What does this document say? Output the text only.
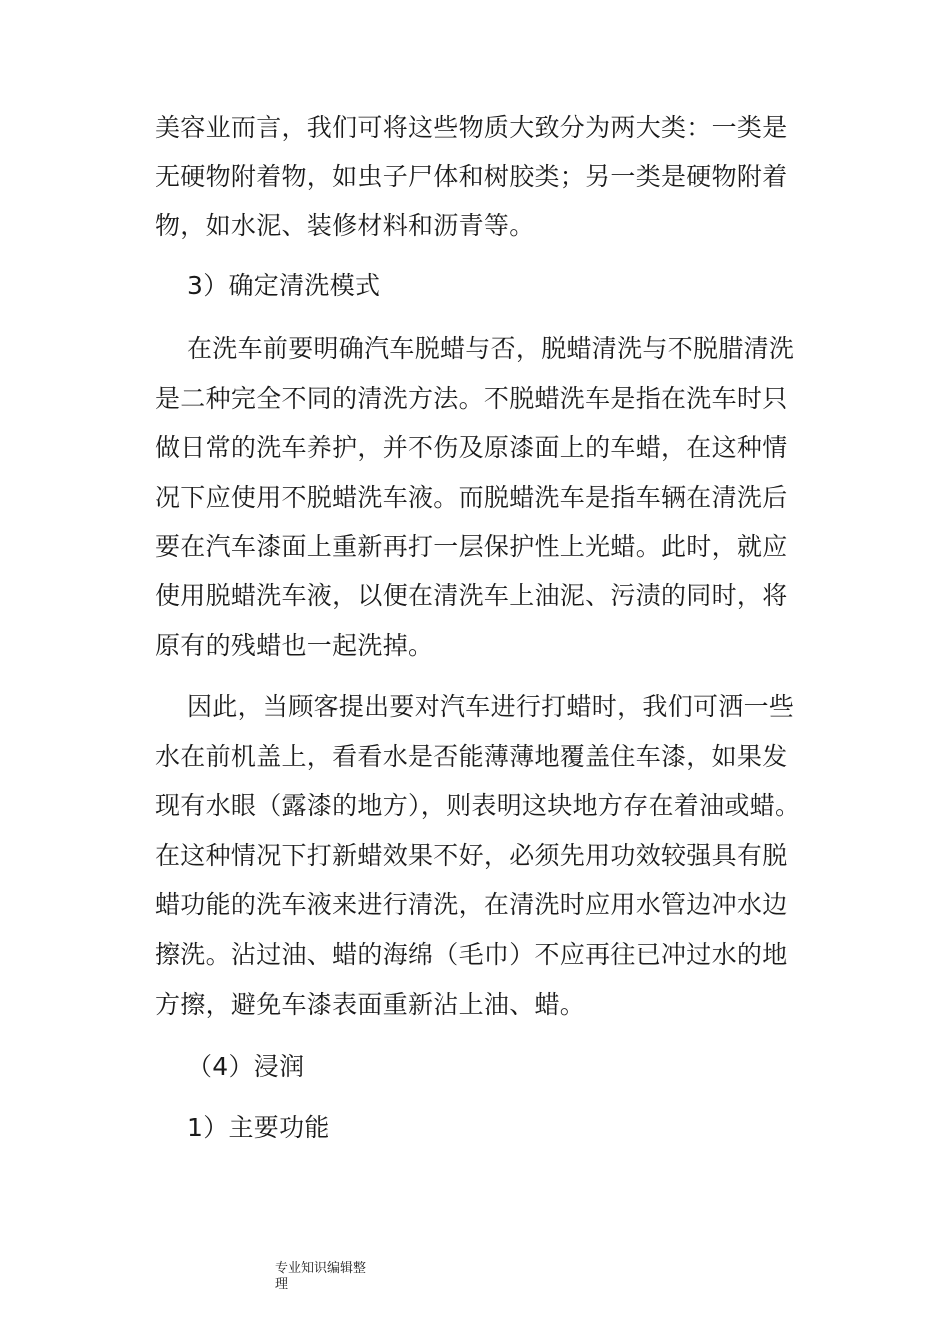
美容业而言，我们可将这些物质大致分为两大类：一类是
无硬物附着物，如虫子尸体和树胶类；另一类是硬物附着
物，如水泥、装修材料和沥青等。
3）确定清洗模式
在洗车前要明确汽车脱蜡与否，脱蜡清洗与不脱腊清洗
是二种完全不同的清洗方法。不脱蜡洗车是指在洗车时只
做日常的洗车养护，并不伤及原漆面上的车蜡，在这种情
况下应使用不脱蜡洗车液。而脱蜡洗车是指车辆在清洗后
要在汽车漆面上重新再打一层保护性上光蜡。此时，就应
使用脱蜡洗车液，以便在清洗车上油泥、污渍的同时，将
原有的残蜡也一起洗掉。
因此，当顾客提出要对汽车进行打蜡时，我们可洒一些
水在前机盖上，看看水是否能薄薄地覆盖住车漆，如果发
现有水眼（露漆的地方），则表明这块地方存在着油或蜡。
在这种情况下打新蜡效果不好，必须先用功效较强具有脱
蜡功能的洗车液来进行清洗，在清洗时应用水管边冲水边
擦洗。沾过油、蜡的海绵（毛巾）不应再往已冲过水的地
方擦，避免车漆表面重新沾上油、蜡。
（4）浸润
1）主要功能
专业知识编辑整
理
